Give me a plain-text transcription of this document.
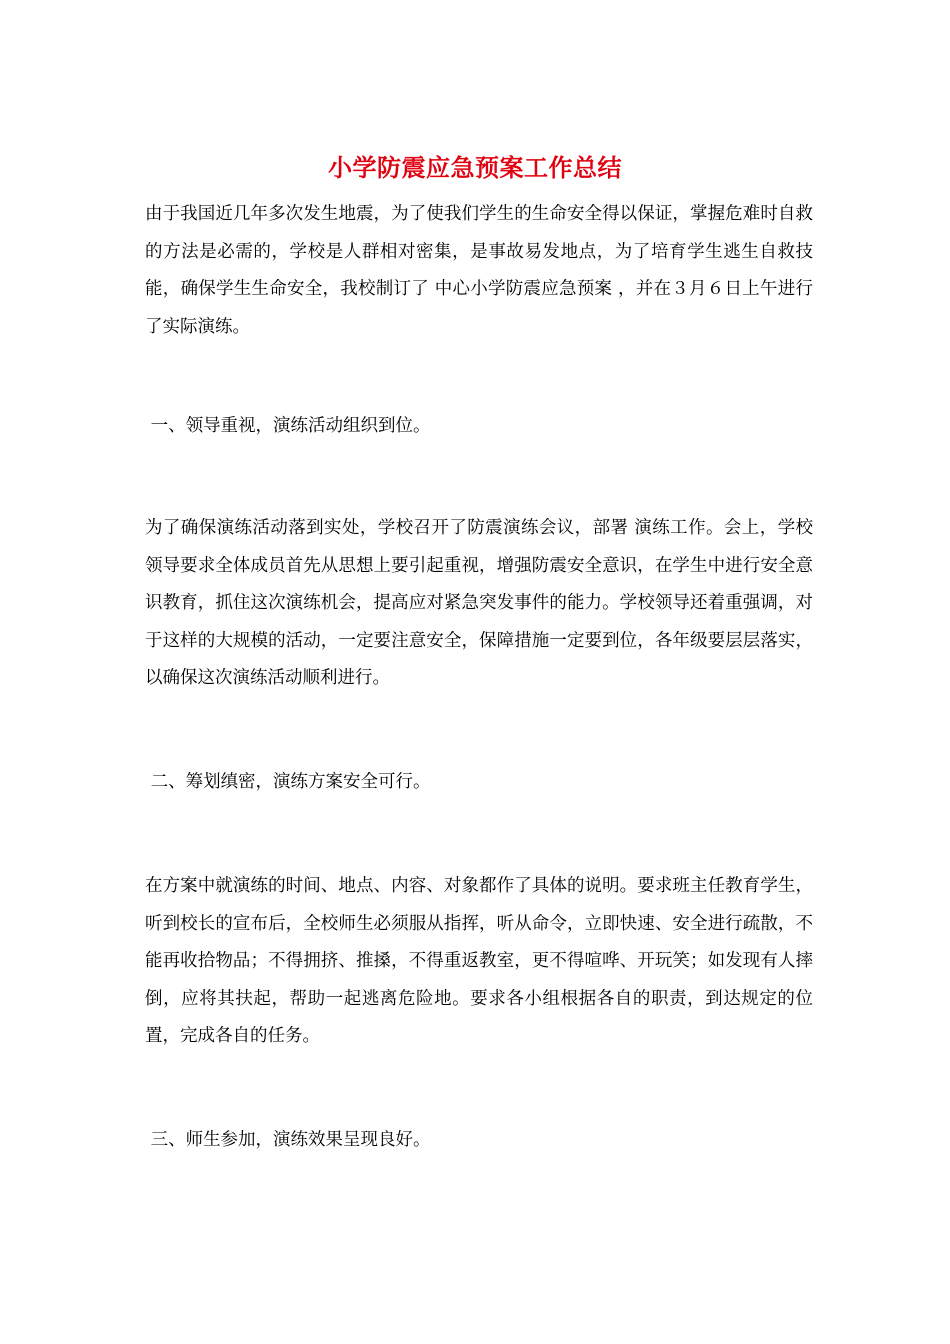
小学防震应急预案工作总结

由于我国近几年多次发生地震，为了使我们学生的生命安全得以保证，掌握危难时自救的方法是必需的，学校是人群相对密集，是事故易发地点，为了培育学生逃生自救技能，确保学生生命安全，我校制订了 中心小学防震应急预案 ，并在３月６日上午进行了实际演练。

一、领导重视，演练活动组织到位。

为了确保演练活动落到实处，学校召开了防震演练会议，部署 演练工作。会上，学校领导要求全体成员首先从思想上要引起重视，增强防震安全意识，在学生中进行安全意识教育，抓住这次演练机会，提高应对紧急突发事件的能力。学校领导还着重强调，对于这样的大规模的活动，一定要注意安全，保障措施一定要到位，各年级要层层落实，以确保这次演练活动顺利进行。

二、筹划缜密，演练方案安全可行。

在方案中就演练的时间、地点、内容、对象都作了具体的说明。要求班主任教育学生，听到校长的宣布后，全校师生必须服从指挥，听从命令，立即快速、安全进行疏散，不能再收拾物品；不得拥挤、推搡，不得重返教室，更不得喧哗、开玩笑；如发现有人摔倒，应将其扶起，帮助一起逃离危险地。要求各小组根据各自的职责，到达规定的位置，完成各自的任务。

三、师生参加，演练效果呈现良好。
